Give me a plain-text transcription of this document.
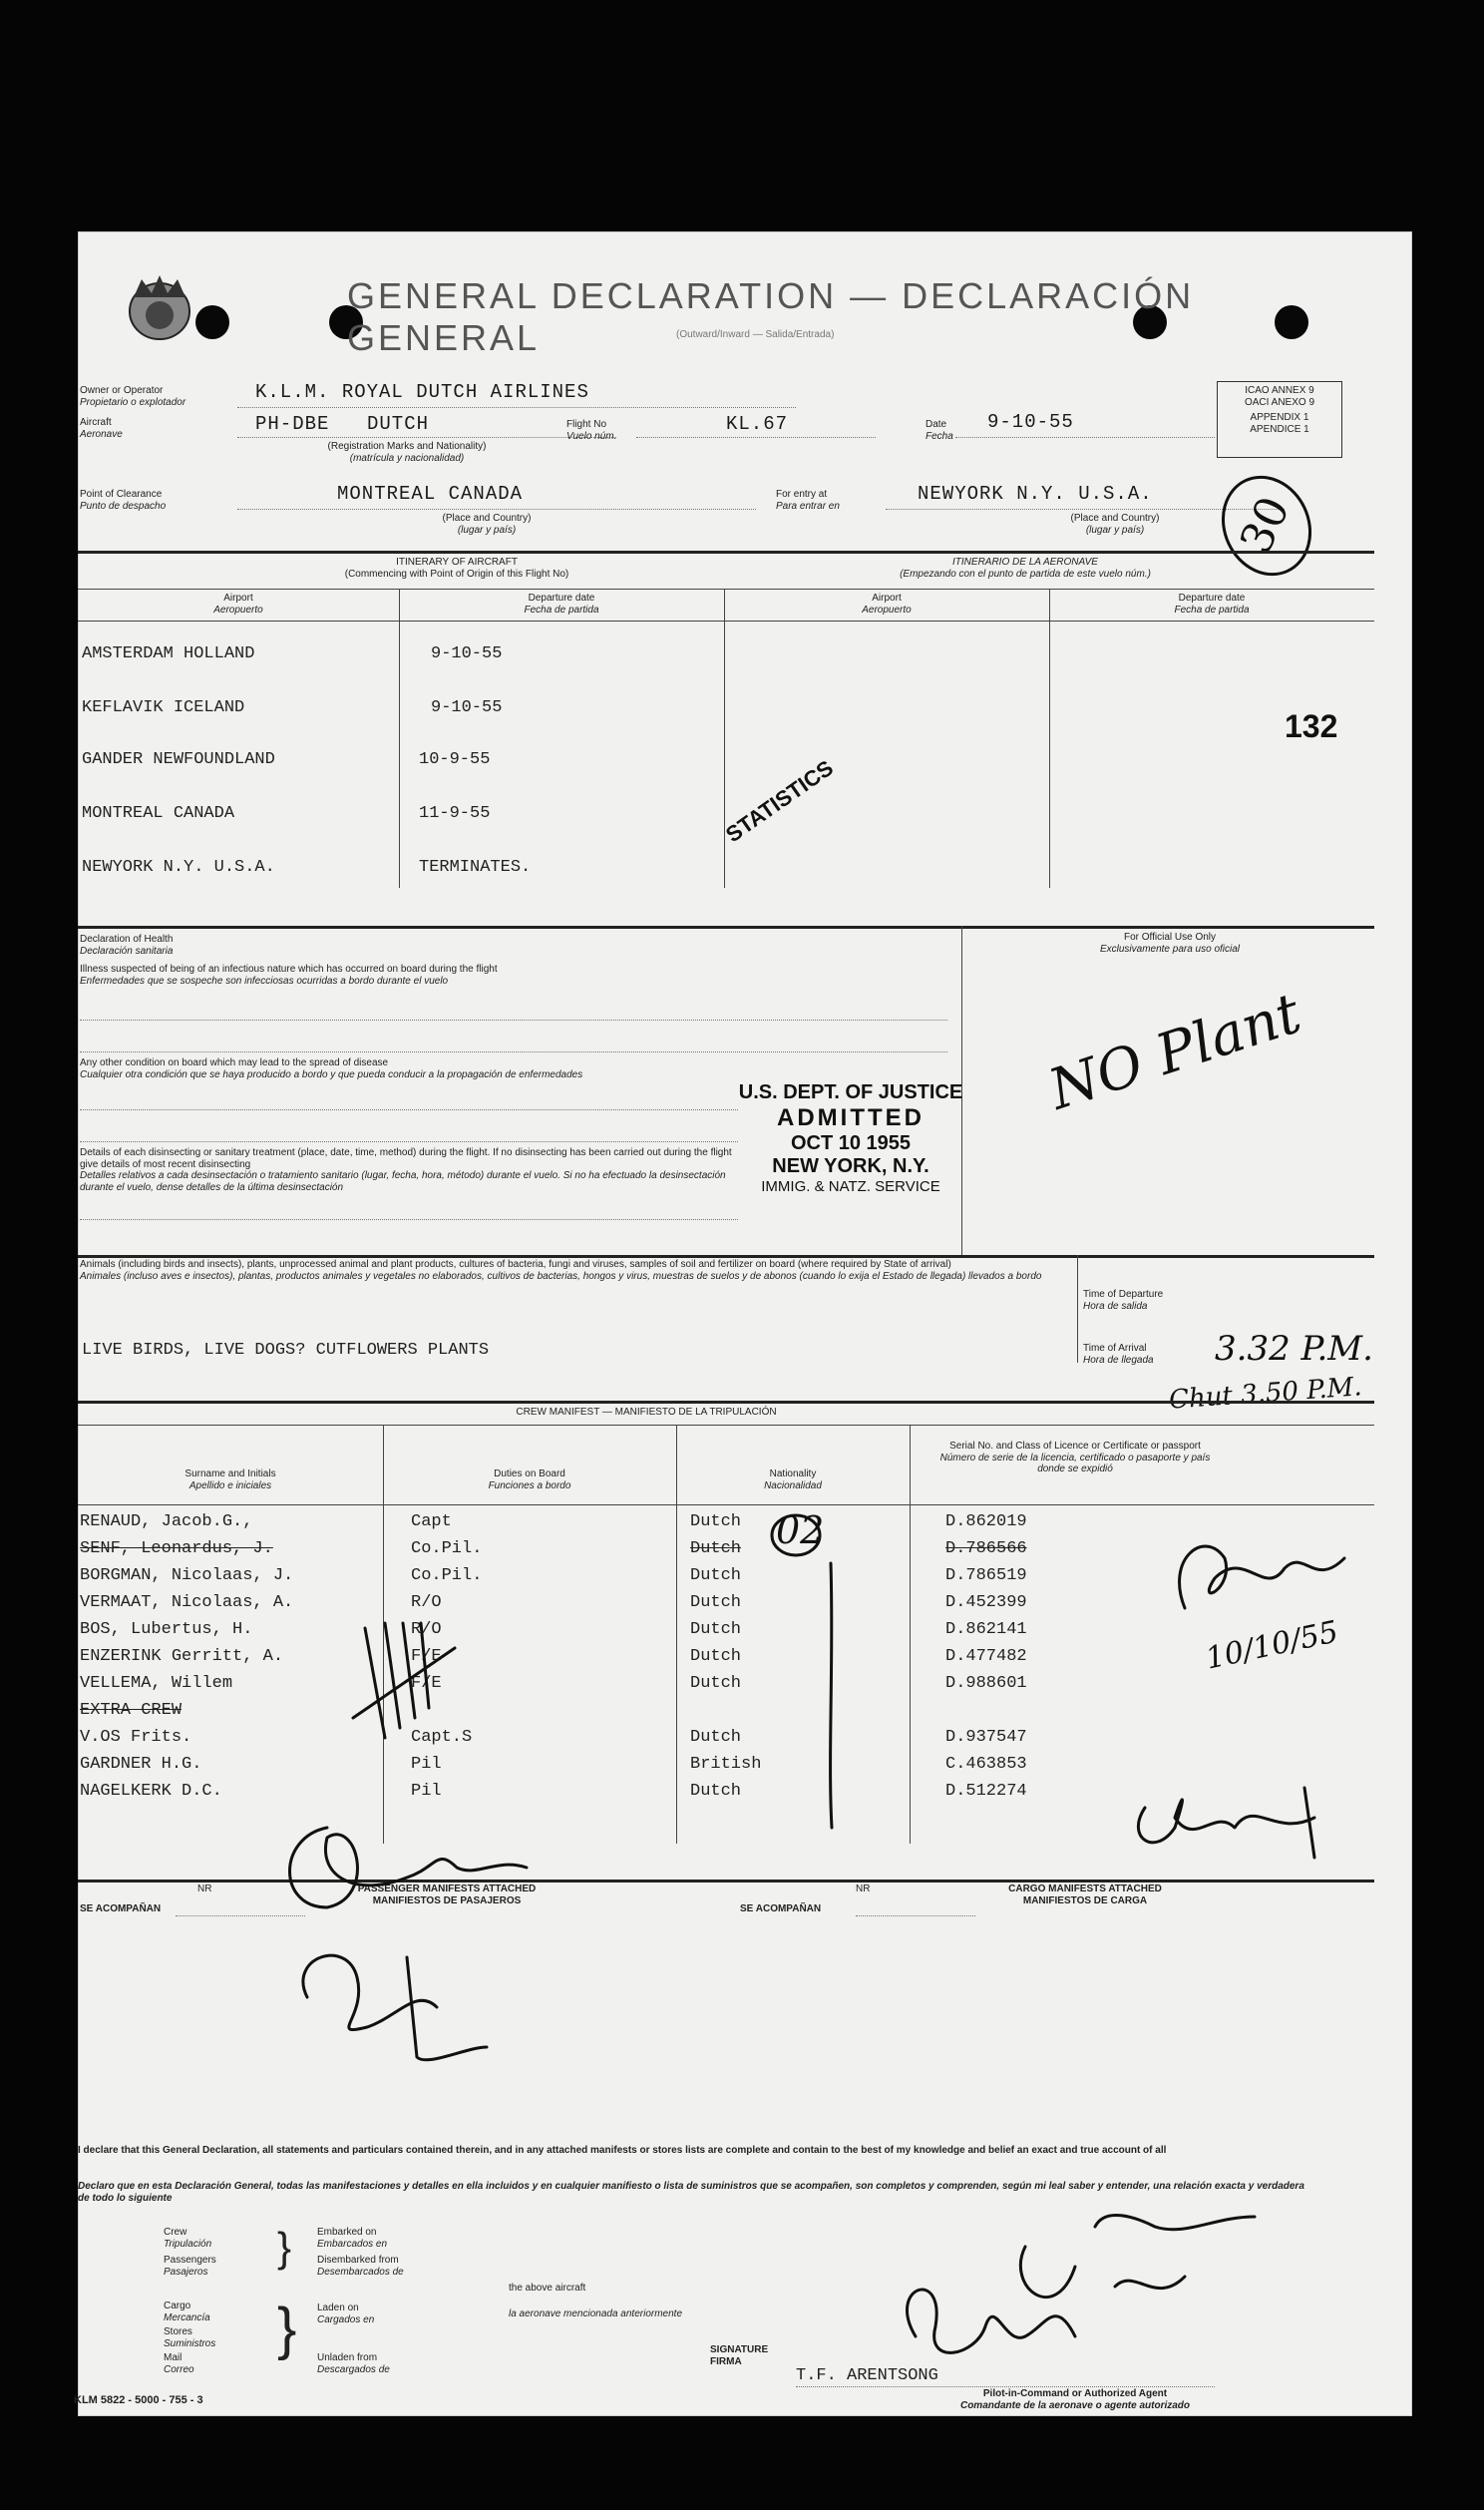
GENERAL DECLARATION — DECLARACIÓN GENERAL	(Outward/Inward — Salida/Entrada)
Owner or Operator
Propietario o explotador	K.L.M. ROYAL DUTCH AIRLINES
Aircraft
Aeronave	PH-DBE DUTCH
(Registration Marks and Nationality)
(matrícula y nacionalidad)
Flight No
Vuelo núm.
KL.67	Date
Fecha
9-10-55
ICAO ANNEX 9
OACI ANEXO 9
APPENDIX 1
APENDICE 1
Point of Clearance
Punto de despacho
MONTREAL CANADA
(Place and Country)
(lugar y país)
For entry at
Para entrar en
NEWYORK N.Y. U.S.A.
(Place and Country)
(lugar y país)	30
ITINERARY OF AIRCRAFT
(Commencing with Point of Origin of this Flight No)
ITINERARIO DE LA AERONAVE
(Empezando con el punto de partida de este vuelo núm.)
Airport
Aeropuerto
Departure date
Fecha de partida
Airport
Aeropuerto
Departure date
Fecha de partida
AMSTERDAM HOLLAND	9-10-55
KEFLAVIK ICELAND	9-10-55
GANDER NEWFOUNDLAND	10-9-55
MONTREAL CANADA	11-9-55
NEWYORK N.Y. U.S.A.	TERMINATES.
132
STATISTICS
Declaration of Health
Declaración sanitaria
Illness suspected of being of an infectious nature which has occurred on board during the flight
Enfermedades que se sospeche son infecciosas ocurridas a bordo durante el vuelo
Any other condition on board which may lead to the spread of disease
Cualquier otra condición que se haya producido a bordo y que pueda conducir a la propagación de enfermedades
Details of each disinsecting or sanitary treatment (place, date, time, method) during the flight. If no disinsecting has been carried out during the flight give details of most recent disinsecting
Detalles relativos a cada desinsectación o tratamiento sanitario (lugar, fecha, hora, método) durante el vuelo. Si no ha efectuado la desinsectación durante el vuelo, dense detalles de la última desinsectación
For Official Use Only
Exclusivamente para uso oficial
NO Plant
U.S. DEPT. OF JUSTICE
ADMITTED
OCT 10 1955
NEW YORK, N.Y.
IMMIG. & NATZ. SERVICE
Animals (including birds and insects), plants, unprocessed animal and plant products, cultures of bacteria, fungi and viruses, samples of soil and fertilizer on board (where required by State of arrival)
Animales (incluso aves e insectos), plantas, productos animales y vegetales no elaborados, cultivos de bacterias, hongos y virus, muestras de suelos y de abonos (cuando lo exija el Estado de llegada) llevados a bordo
LIVE BIRDS, LIVE DOGS? CUTFLOWERS PLANTS
Time of Departure
Hora de salida
Time of Arrival
Hora de llegada 3.32 P.M.
Chut 3.50 P.M.
CREW MANIFEST — MANIFIESTO DE LA TRIPULACIÓN
Surname and Initials
Apellido e iniciales
Duties on Board
Funciones a bordo
Nationality
Nacionalidad
Serial No. and Class of Licence or Certificate or passport
Número de serie de la licencia, certificado o pasaporte y país donde se expidió
RENAUD, Jacob.G.,	Capt	Dutch	D.862019
SENF, Leonardus, J.	Co.Pil.	Dutch	D.786566
BORGMAN, Nicolaas, J.	Co.Pil.	Dutch	D.786519
VERMAAT, Nicolaas, A.	R/O	Dutch	D.452399
BOS, Lubertus, H.	R/O	Dutch	D.862141
ENZERINK Gerritt, A.	F/E	Dutch	D.477482
VELLEMA, Willem	F/E	Dutch	D.988601
EXTRA CREW
V.OS Frits.	Capt.S	Dutch	D.937547
GARDNER H.G.	Pil	British	C.463853
NAGELKERK D.C.	Pil	Dutch	D.512274
02
10/10/55
NR	PASSENGER MANIFESTS ATTACHED
MANIFIESTOS DE PASAJEROS
SE ACOMPAÑAN
NR
SE ACOMPAÑAN
CARGO MANIFESTS ATTACHED
MANIFIESTOS DE CARGA
I declare that this General Declaration, all statements and particulars contained therein, and in any attached manifests or stores lists are complete and contain to the best of my knowledge and belief an exact and true account of all
Declaro que en esta Declaración General, todas las manifestaciones y detalles en ella incluidos y en cualquier manifiesto o lista de suministros que se acompañen, son completos y comprenden, según mi leal saber y entender, una relación exacta y verdadera de todo lo siguiente
Crew
Tripulación
Passengers
Pasajeros
Cargo
Mercancía
Stores
Suministros
Mail
Correo
}
}
Embarked on
Embarcados en
Disembarked from
Desembarcados de
Laden on
Cargados en
Unladen from
Descargados de
the above aircraft
la aeronave mencionada anteriormente
SIGNATURE
FIRMA
T.F. ARENTSONG
Pilot-in-Command or Authorized Agent
Comandante de la aeronave o agente autorizado
KLM 5822 - 5000 - 755 - 3
